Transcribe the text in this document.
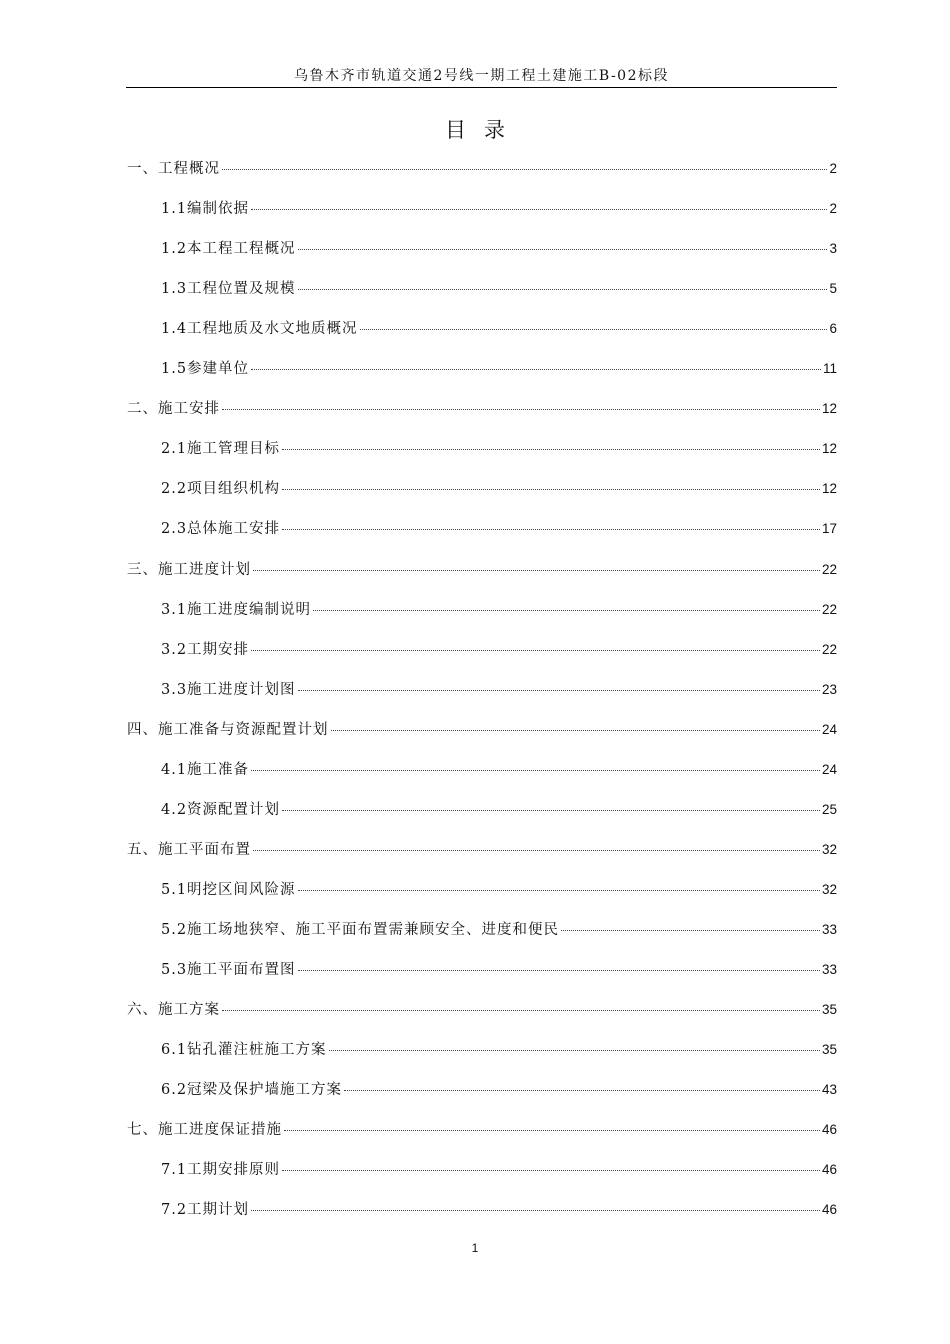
乌鲁木齐市轨道交通2号线一期工程土建施工B-02标段
目录
一、工程概况	2
1.1编制依据	2
1.2本工程工程概况	3
1.3工程位置及规模	5
1.4工程地质及水文地质概况	6
1.5参建单位	11
二、施工安排	12
2.1施工管理目标	12
2.2项目组织机构	12
2.3总体施工安排	17
三、施工进度计划	22
3.1施工进度编制说明	22
3.2工期安排	22
3.3施工进度计划图	23
四、施工准备与资源配置计划	24
4.1施工准备	24
4.2资源配置计划	25
五、施工平面布置	32
5.1明挖区间风险源	32
5.2施工场地狭窄、施工平面布置需兼顾安全、进度和便民	33
5.3施工平面布置图	33
六、施工方案	35
6.1钻孔灌注桩施工方案	35
6.2冠梁及保护墙施工方案	43
七、施工进度保证措施	46
7.1工期安排原则	46
7.2工期计划	46
1
